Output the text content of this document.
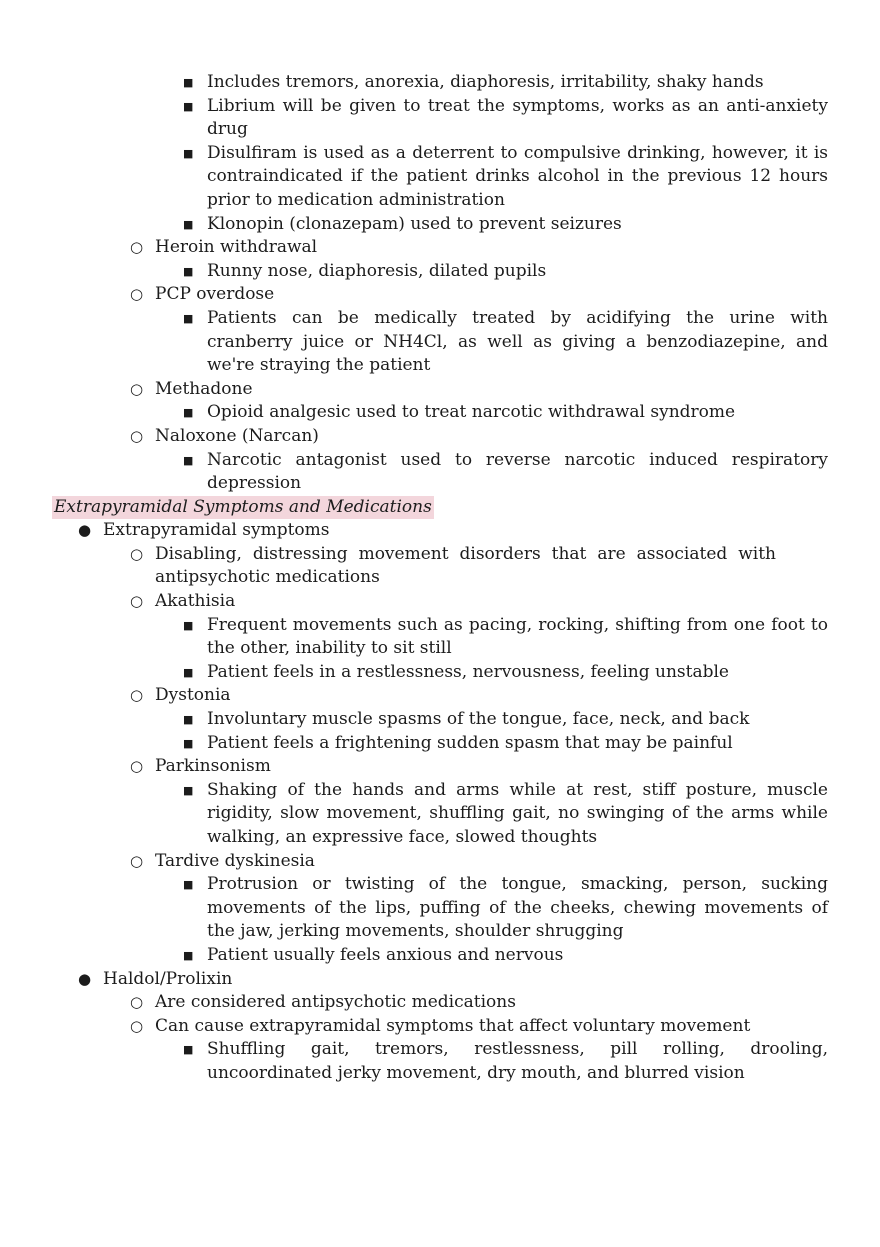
■ Includes tremors, anorexia, diaphoresis, irritability, shaky hands
■ Librium will be given to treat the symptoms, works as an anti-anxiety drug
■ Disulfiram is used as a deterrent to compulsive drinking, however, it is contraindicated if the patient drinks alcohol in the previous 12 hours prior to medication administration
■ Klonopin (clonazepam) used to prevent seizures
○ Heroin withdrawal
■ Runny nose, diaphoresis, dilated pupils
○ PCP overdose
■ Patients can be medically treated by acidifying the urine with cranberry juice or NH4Cl, as well as giving a benzodiazepine, and we're straying the patient
○ Methadone
■ Opioid analgesic used to treat narcotic withdrawal syndrome
○ Naloxone (Narcan)
■ Narcotic antagonist used to reverse narcotic induced respiratory depression
Extrapyramidal Symptoms and Medications
● Extrapyramidal symptoms
○ Disabling, distressing movement disorders that are associated with antipsychotic medications
○ Akathisia
■ Frequent movements such as pacing, rocking, shifting from one foot to the other, inability to sit still
■ Patient feels in a restlessness, nervousness, feeling unstable
○ Dystonia
■ Involuntary muscle spasms of the tongue, face, neck, and back
■ Patient feels a frightening sudden spasm that may be painful
○ Parkinsonism
■ Shaking of the hands and arms while at rest, stiff posture, muscle rigidity, slow movement, shuffling gait, no swinging of the arms while walking, an expressive face, slowed thoughts
○ Tardive dyskinesia
■ Protrusion or twisting of the tongue, smacking, person, sucking movements of the lips, puffing of the cheeks, chewing movements of the jaw, jerking movements, shoulder shrugging
■ Patient usually feels anxious and nervous
● Haldol/Prolixin
○ Are considered antipsychotic medications
○ Can cause extrapyramidal symptoms that affect voluntary movement
■ Shuffling gait, tremors, restlessness, pill rolling, drooling, uncoordinated jerky movement, dry mouth, and blurred vision
